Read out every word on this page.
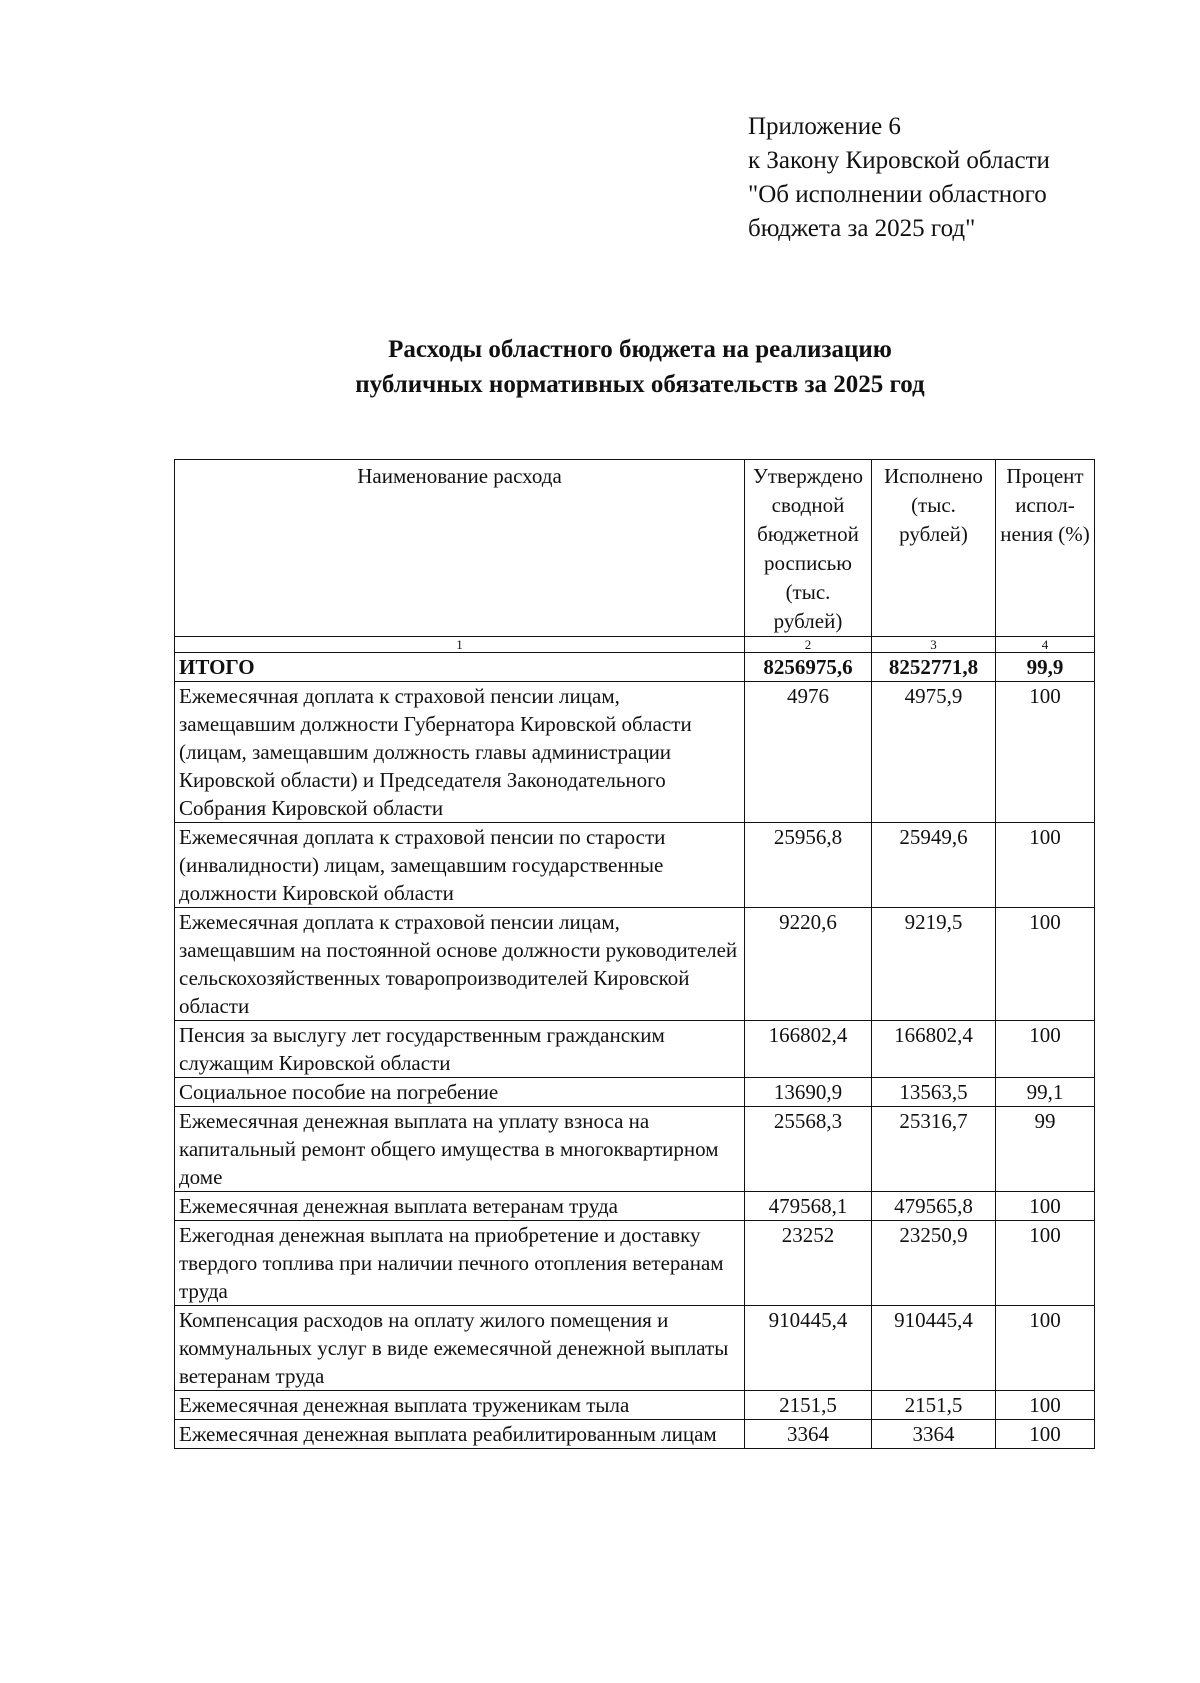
Приложение 6
к Закону Кировской области
"Об исполнении областного
бюджета за 2025 год"
Расходы областного бюджета на реализацию
публичных нормативных обязательств за 2025 год
Наименование расхода	Утверждено сводной бюджетной росписью (тыс. рублей)	Исполнено (тыс. рублей)	Процент испол-нения (%)
1	2	3	4
ИТОГО	8256975,6	8252771,8	99,9
Ежемесячная доплата к страховой пенсии лицам, замещавшим должности Губернатора Кировской области (лицам, замещавшим должность главы администрации Кировской области) и Председателя Законодательного Собрания Кировской области	4976	4975,9	100
Ежемесячная доплата к страховой пенсии по старости (инвалидности) лицам, замещавшим государственные должности Кировской области	25956,8	25949,6	100
Ежемесячная доплата к страховой пенсии лицам, замещавшим на постоянной основе должности руководителей сельскохозяйственных товаропроизводителей Кировской области	9220,6	9219,5	100
Пенсия за выслугу лет государственным гражданским служащим Кировской области	166802,4	166802,4	100
Социальное пособие на погребение	13690,9	13563,5	99,1
Ежемесячная денежная выплата на уплату взноса на капитальный ремонт общего имущества в многоквартирном доме	25568,3	25316,7	99
Ежемесячная денежная выплата ветеранам труда	479568,1	479565,8	100
Ежегодная денежная выплата на приобретение и доставку твердого топлива при наличии печного отопления ветеранам труда	23252	23250,9	100
Компенсация расходов на оплату жилого помещения и коммунальных услуг в виде ежемесячной денежной выплаты ветеранам труда	910445,4	910445,4	100
Ежемесячная денежная выплата труженикам тыла	2151,5	2151,5	100
Ежемесячная денежная выплата реабилитированным лицам	3364	3364	100
